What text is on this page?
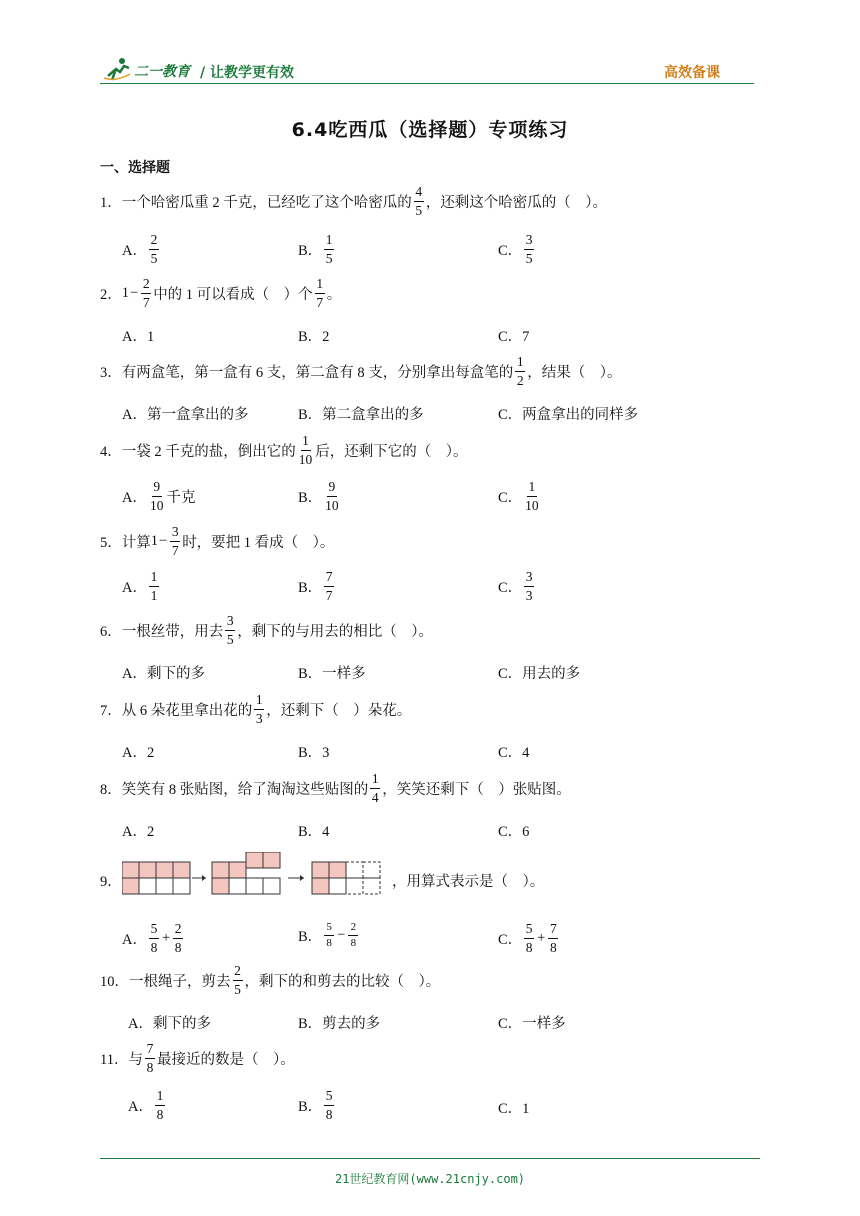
二一教育 / 让教学更有效	高效备课
6.4吃西瓜（选择题）专项练习
一、选择题
1．一个哈密瓜重 2 千克，已经吃了这个哈密瓜的 $\frac{4}{5}$ ，还剩这个哈密瓜的（　）。
A． $\frac{2}{5}$	B． $\frac{1}{5}$	C． $\frac{3}{5}$
2． $1 - \frac{2}{7}$ 中的 1 可以看成（　）个 $\frac{1}{7}$ 。
A．1	B．2	C．7
3．有两盒笔，第一盒有 6 支，第二盒有 8 支，分别拿出每盒笔的 $\frac{1}{2}$ ，结果（　）。
A．第一盒拿出的多	B．第二盒拿出的多	C．两盒拿出的同样多
4．一袋 2 千克的盐，倒出它的 $\frac{1}{10}$ 后，还剩下它的（　）。
A． $\frac{9}{10}$ 千克	B． $\frac{9}{10}$	C． $\frac{1}{10}$
5．计算 $1 - \frac{3}{7}$ 时，要把 1 看成（　）。
A． $\frac{1}{1}$	B． $\frac{7}{7}$	C． $\frac{3}{3}$
6．一根丝带，用去 $\frac{3}{5}$ ，剩下的与用去的相比（　）。
A．剩下的多	B．一样多	C．用去的多
7．从 6 朵花里拿出花的 $\frac{1}{3}$ ，还剩下（　）朵花。
A．2	B．3	C．4
8．笑笑有 8 张贴图，给了淘淘这些贴图的 $\frac{1}{4}$ ，笑笑还剩下（　）张贴图。
A．2	B．4	C．6
9．	，用算式表示是（　）。
A． $\frac{5}{8} + \frac{2}{8}$	B． $\frac{5}{8} - \frac{2}{8}$	C． $\frac{5}{8} + \frac{7}{8}$
10．一根绳子，剪去 $\frac{2}{5}$ ，剩下的和剪去的比较（　）。
A．剩下的多	B．剪去的多	C．一样多
11．与 $\frac{7}{8}$ 最接近的数是（　）。
A． $\frac{1}{8}$	B． $\frac{5}{8}$	C．1
21世纪教育网(www.21cnjy.com)
